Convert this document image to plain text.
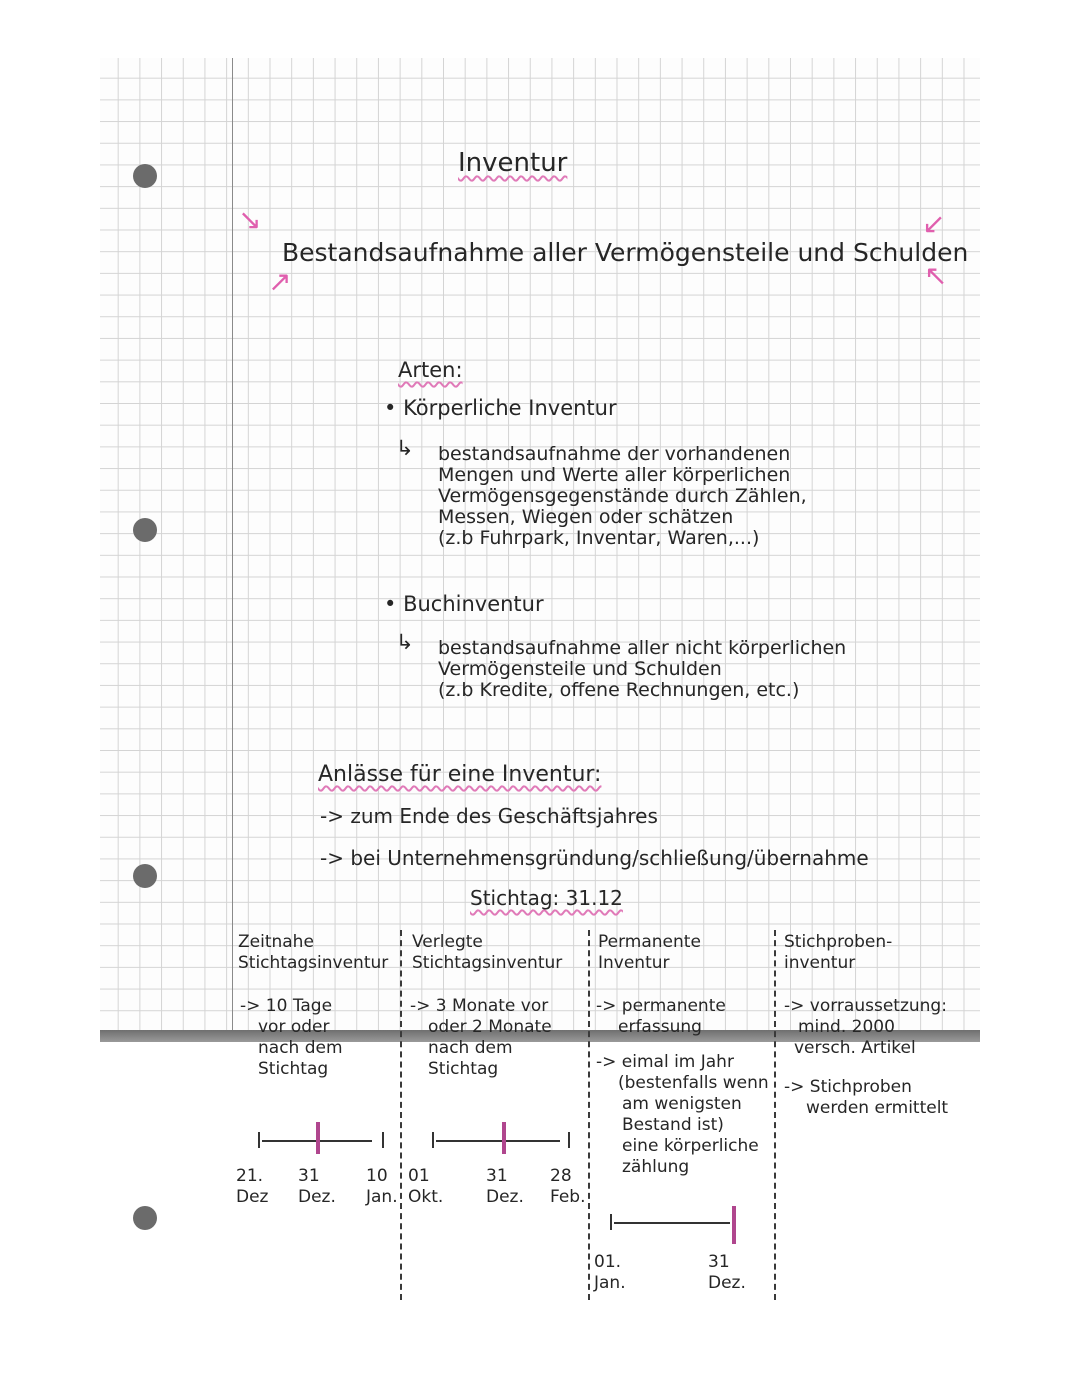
Inventur
↘
↗
↙
↖
Bestandsaufnahme aller Vermögensteile und Schulden
Arten:
• Körperliche Inventur
↳ bestandsaufnahme der vorhandenen
Mengen und Werte aller körperlichen
Vermögensgegenstände durch Zählen,
Messen, Wiegen oder schätzen
(z.b Fuhrpark, Inventar, Waren,...)
• Buchinventur
↳ bestandsaufnahme aller nicht körperlichen
Vermögensteile und Schulden
(z.b Kredite, offene Rechnungen, etc.)
Anlässe für eine Inventur:
-> zum Ende des Geschäftsjahres
-> bei Unternehmensgründung/schließung/übernahme
Stichtag: 31.12
Zeitnahe
Stichtagsinventur
-> 10 Tage
vor oder
nach dem
Stichtag
21.
Dez
31
Dez.
10
Jan.
Verlegte
Stichtagsinventur
-> 3 Monate vor
oder 2 Monate
nach dem
Stichtag
01
Okt.
31
Dez.
28
Feb.
Permanente
Inventur
-> permanente
erfassung
-> eimal im Jahr
(bestenfalls wenn
am wenigsten
Bestand ist)
eine körperliche
zählung
01.
Jan.
31
Dez.
Stichproben-
inventur
-> vorraussetzung:
mind. 2000
versch. Artikel
-> Stichproben
werden ermittelt
